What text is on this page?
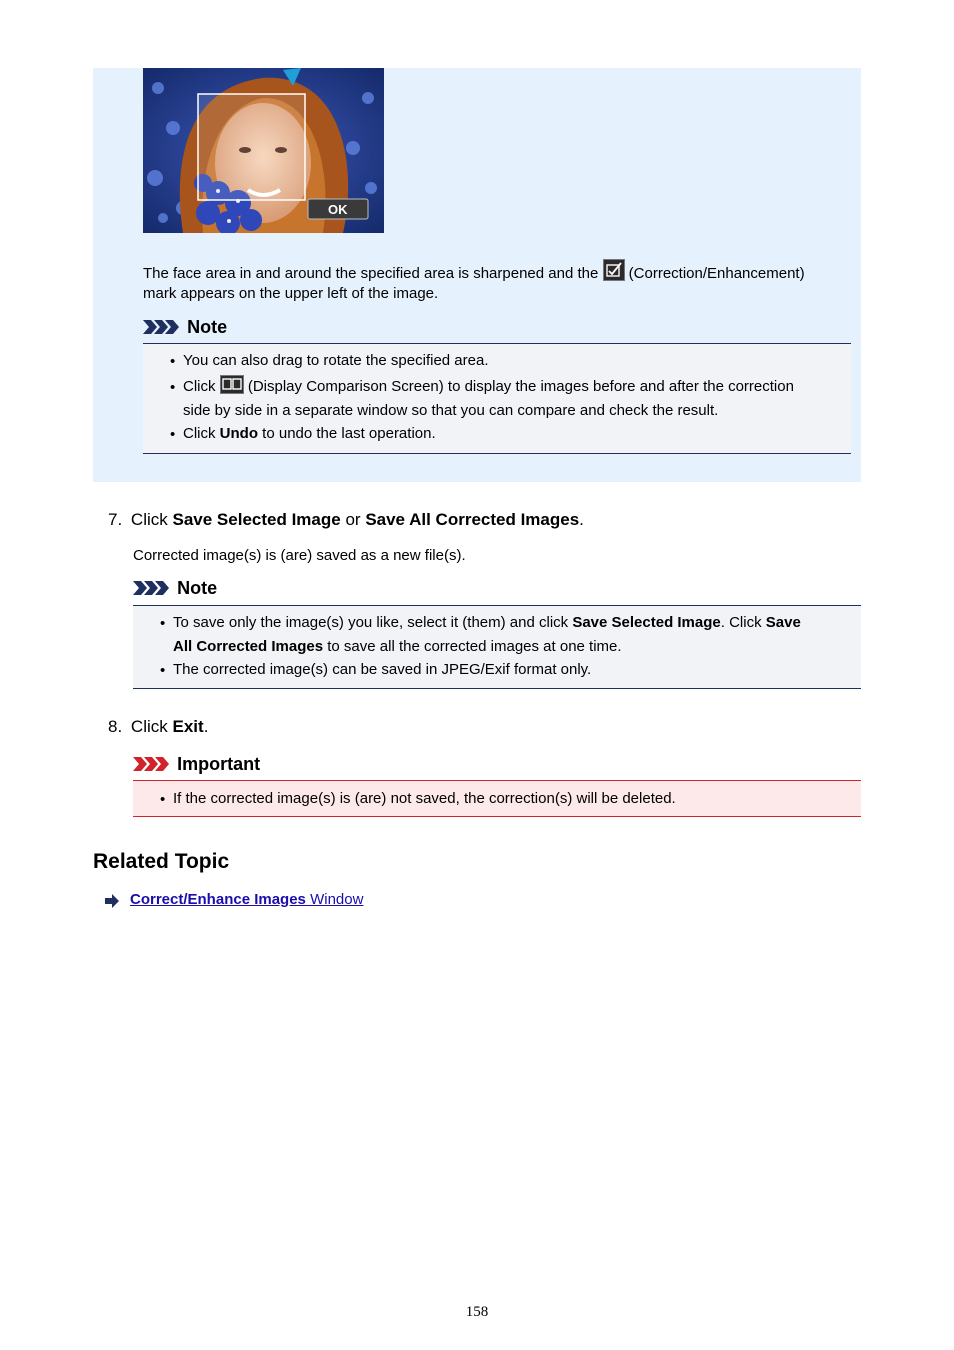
OK
The face area in and around the specified area is sharpened and the (Correction/Enhancement)
mark appears on the upper left of the image.
Note
• You can also drag to rotate the specified area.
• Click (Display Comparison Screen) to display the images before and after the correction
side by side in a separate window so that you can compare and check the result.
• Click Undo to undo the last operation.
7. Click Save Selected Image or Save All Corrected Images.
Corrected image(s) is (are) saved as a new file(s).
Note
• To save only the image(s) you like, select it (them) and click Save Selected Image. Click Save
All Corrected Images to save all the corrected images at one time.
• The corrected image(s) can be saved in JPEG/Exif format only.
8. Click Exit.
Important
• If the corrected image(s) is (are) not saved, the correction(s) will be deleted.
Related Topic
Correct/Enhance Images Window
158
